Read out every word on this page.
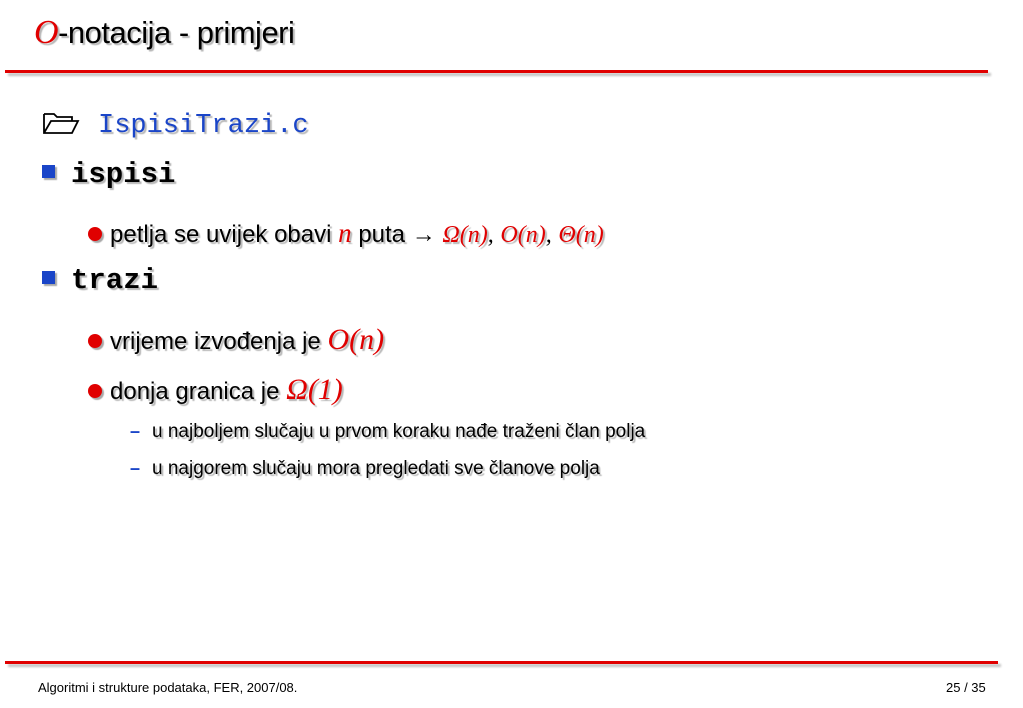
O-notacija - primjeri
IspisiTrazi.c
ispisi
petlja se uvijek obavi n puta → Ω(n), O(n), Θ(n)
trazi
vrijeme izvođenja je O(n)
donja granica je Ω(1)
– u najboljem slučaju u prvom koraku nađe traženi član polja
– u najgorem slučaju mora pregledati sve članove polja
Algoritmi i strukture podataka, FER, 2007/08.	25 / 35
